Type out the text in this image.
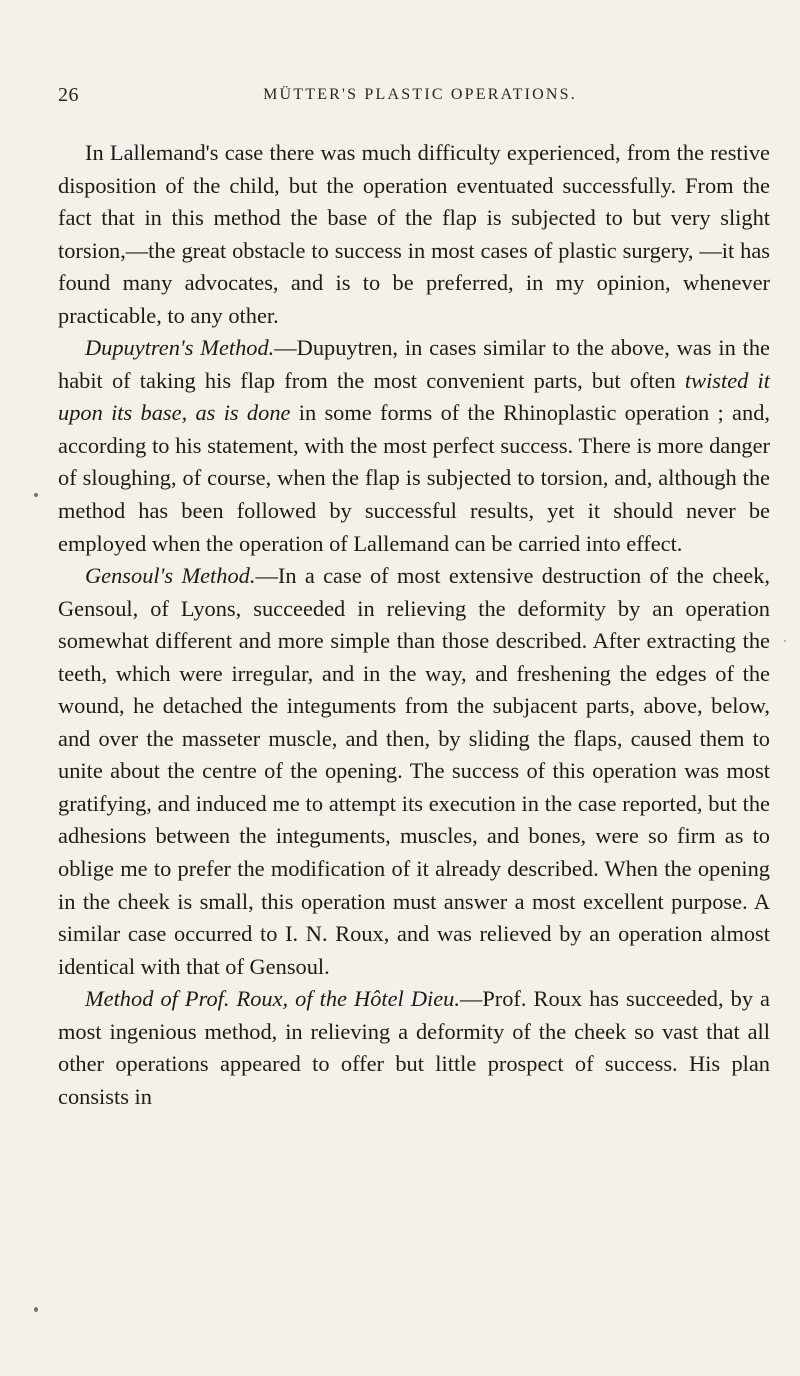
26	MÜTTER'S PLASTIC OPERATIONS.

In Lallemand's case there was much difficulty experienced, from the restive disposition of the child, but the operation eventuated successfully. From the fact that in this method the base of the flap is subjected to but very slight torsion,—the great obstacle to success in most cases of plastic surgery, —it has found many advocates, and is to be preferred, in my opinion, whenever practicable, to any other.

Dupuytren's Method.—Dupuytren, in cases similar to the above, was in the habit of taking his flap from the most convenient parts, but often twisted it upon its base, as is done in some forms of the Rhinoplastic operation ; and, according to his statement, with the most perfect success. There is more danger of sloughing, of course, when the flap is subjected to torsion, and, although the method has been followed by successful results, yet it should never be employed when the operation of Lallemand can be carried into effect.

Gensoul's Method.—In a case of most extensive destruction of the cheek, Gensoul, of Lyons, succeeded in relieving the deformity by an operation somewhat different and more simple than those described. After extracting the teeth, which were irregular, and in the way, and freshening the edges of the wound, he detached the integuments from the subjacent parts, above, below, and over the masseter muscle, and then, by sliding the flaps, caused them to unite about the centre of the opening. The success of this operation was most gratifying, and induced me to attempt its execution in the case reported, but the adhesions between the integuments, muscles, and bones, were so firm as to oblige me to prefer the modification of it already described. When the opening in the cheek is small, this operation must answer a most excellent purpose. A similar case occurred to I. N. Roux, and was relieved by an operation almost identical with that of Gensoul.

Method of Prof. Roux, of the Hôtel Dieu.—Prof. Roux has succeeded, by a most ingenious method, in relieving a deformity of the cheek so vast that all other operations appeared to offer but little prospect of success. His plan consists in
